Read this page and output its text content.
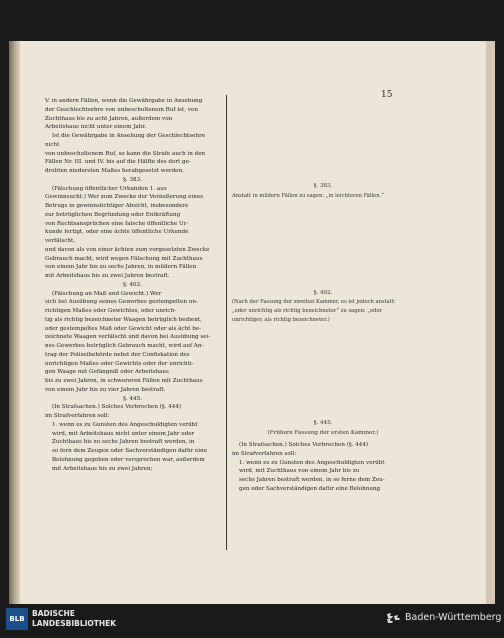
15

V. in andern Fällen, wenn die Gewährgabe in Ansehung

der Geschlechtsehre von unbescholtenem Ruf ist, von

Zuchthaus bis zu acht Jahren, außerdem von

Arbeitshaus nicht unter einem Jahr.

Ist die Gewährgabe in Ansehung der Geschlechtsehre nicht

von unbescholtenem Ruf, so kann die Strafe auch in den

Fällen Nr. III. und IV. bis auf die Hälfte des dort ge-

drohten niedersten Maßes herabgesetzt werden.

§. 383.

(Fälschung öffentlicher Urkunden 1. aus

Gewinnsucht.) Wer zum Zwecke der Veräußerung eines

Betrugs in gewinnsüchtiger Absicht, insbesondere

zur betrüglichen Begründung oder Entkräftung

von Rechtsansprüchen eine falsche öffentliche Ur-

kunde fertigt, oder eine ächte öffentliche Urkunde verfälscht,

und davon als von einer ächten zum vorgesetzten Zwecke

Gebrauch macht, wird wegen Fälschung mit Zuchthaus

von einem Jahr bis zu sechs Jahren, in mildern Fällen

mit Arbeitshaus bis zu zwei Jahren bestraft.

§. 402.

(Fälschung an Maß und Gewicht.) Wer

sich bei Ausübung seines Gewerbes gestempelten un-

richtigen Maßes oder Gewichtes, oder unrich-

tig als richtig bezeichneter Waagen betrüglich bedient,

oder gestempeltes Maß oder Gewicht oder als ächt be-

zeichnete Waagen verfälscht und davon bei Ausübung sei-

nes Gewerbes betrüglich Gebrauch macht, wird auf An-

trag der Polizeibehörde nebst der Confiskation des

unrichtigen Maßes oder Gewichts oder der unrichti-

gen Waage mit Gefängniß oder Arbeitshaus

bis zu zwei Jahren, in schwereren Fällen mit Zuchthaus

von einem Jahr bis zu vier Jahren bestraft.

§. 445.

(In Strafsachen.) Solches Verbrechen (§. 444)

im Strafverfahren soll:

1. wenn es zu Gunsten des Angeschuldigten verübt

wird, mit Arbeitshaus nicht unter einem Jahr oder

Zuchthaus bis zu sechs Jahren bestraft werden, in

so fern dem Zeugen oder Sachverständigen dafür eine

Belohnung gegeben oder versprochen war, außerdem

mit Arbeitshaus bis zu zwei Jahren;

§. 383.
Anstatt in mildern Fällen zu sagen: „in leichteren Fällen.“
§. 402.
(Nach der Fassung der zweiten Kammer, es ist jedoch anstatt:
„oder unrichtig als richtig bezeichneter“ zu sagen: „oder
unrichtiger, als richtig bezeichneter.)
§. 445.
(Frühere Fassung der ersten Kammer.)

(In Strafsachen.) Solches Verbrechen (§. 444)

im Strafverfahren soll:

1. wenn es zu Gunsten des Angeschuldigten verübt

wird, mit Zuchthaus von einem Jahr bis zu

sechs Jahren bestraft werden, in so ferne dem Zeu-

gen oder Sachverständigen dafür eine Belohnung

BLB
BADISCHE
LANDESBIBLIOTHEK
Baden-Württemberg
